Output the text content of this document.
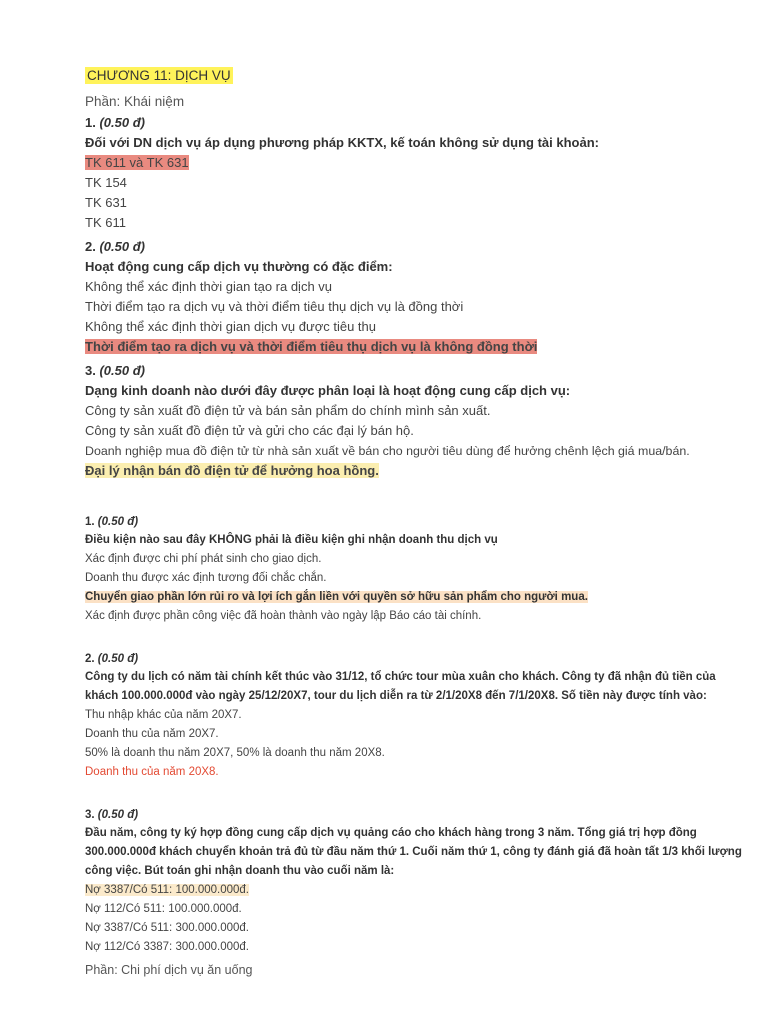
CHƯƠNG 11: DỊCH VỤ
Phần: Khái niệm
1. (0.50 đ)
Đối với DN dịch vụ áp dụng phương pháp KKTX, kế toán không sử dụng tài khoản:
TK 611 và TK 631
TK 154
TK 631
TK 611
2. (0.50 đ)
Hoạt động cung cấp dịch vụ thường có đặc điểm:
Không thể xác định thời gian tạo ra dịch vụ
Thời điểm tạo ra dịch vụ và thời điểm tiêu thụ dịch vụ là đồng thời
Không thể xác định thời gian dịch vụ được tiêu thụ
Thời điểm tạo ra dịch vụ và thời điểm tiêu thụ dịch vụ là không đồng thời
3. (0.50 đ)
Dạng kinh doanh nào dưới đây được phân loại là hoạt động cung cấp dịch vụ:
Công ty sản xuất đồ điện tử và bán sản phẩm do chính mình sản xuất.
Công ty sản xuất đồ điện tử và gửi cho các đại lý bán hộ.
Doanh nghiệp mua đồ điện tử từ nhà sản xuất về bán cho người tiêu dùng để hưởng chênh lệch giá mua/bán.
Đại lý nhận bán đồ điện tử để hưởng hoa hồng.
1. (0.50 đ)
Điều kiện nào sau đây KHÔNG phải là điều kiện ghi nhận doanh thu dịch vụ
Xác định được chi phí phát sinh cho giao dịch.
Doanh thu được xác định tương đối chắc chắn.
Chuyển giao phần lớn rủi ro và lợi ích gắn liền với quyền sở hữu sản phẩm cho người mua.
Xác định được phần công việc đã hoàn thành vào ngày lập Báo cáo tài chính.
2. (0.50 đ)
Công ty du lịch có năm tài chính kết thúc vào 31/12, tổ chức tour mùa xuân cho khách. Công ty đã nhận đủ tiền của khách 100.000.000đ vào ngày 25/12/20X7, tour du lịch diễn ra từ 2/1/20X8 đến 7/1/20X8. Số tiền này được tính vào:
Thu nhập khác của năm 20X7.
Doanh thu của năm 20X7.
50% là doanh thu năm 20X7, 50% là doanh thu năm 20X8.
Doanh thu của năm 20X8.
3. (0.50 đ)
Đầu năm, công ty ký hợp đồng cung cấp dịch vụ quảng cáo cho khách hàng trong 3 năm. Tổng giá trị hợp đồng 300.000.000đ khách chuyển khoản trả đủ từ đầu năm thứ 1. Cuối năm thứ 1, công ty đánh giá đã hoàn tất 1/3 khối lượng công việc. Bút toán ghi nhận doanh thu vào cuối năm là:
Nợ 3387/Có 511: 100.000.000đ.
Nợ 112/Có 511: 100.000.000đ.
Nợ 3387/Có 511: 300.000.000đ.
Nợ 112/Có 3387: 300.000.000đ.
Phần: Chi phí dịch vụ ăn uống
